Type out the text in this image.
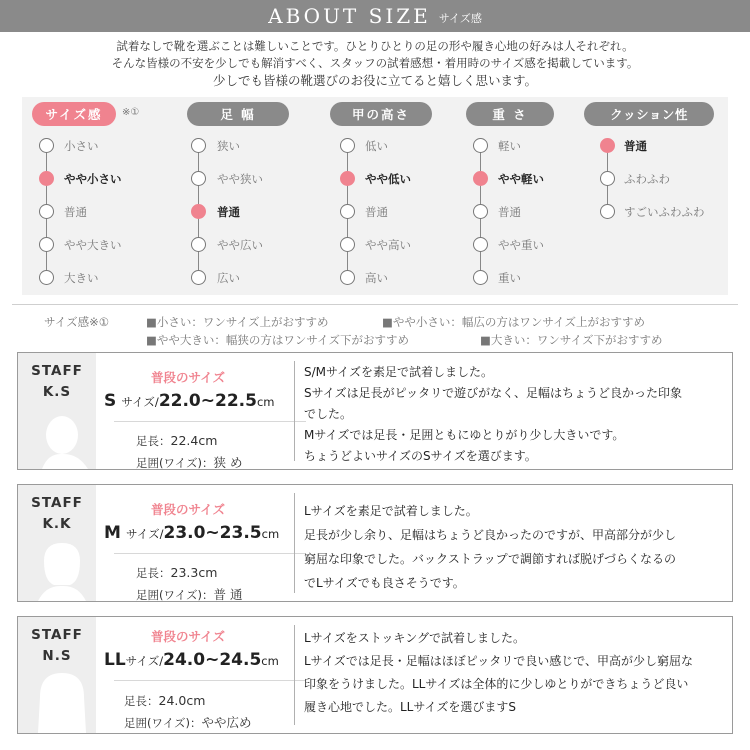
ABOUT SIZE サイズ感
試着なしで靴を選ぶことは難しいことです。ひとりひとりの足の形や履き心地の好みは人それぞれ。
そんな皆様の不安を少しでも解消すべく、スタッフの試着感想・着用時のサイズ感を掲載しています。
少しでも皆様の靴選びのお役に立てると嬉しく思います。
サイズ感	※①
小さい
やや小さい
普通
やや大きい
大きい
足 幅
狭い
やや狭い
普通
やや広い
広い
甲の高さ
低い
やや低い
普通
やや高い
高い
重 さ
軽い
やや軽い
普通
やや重い
重い
クッション性
普通
ふわふわ
すごいふわふわ
サイズ感※①	■小さい：ワンサイズ上がおすすめ	■やや小さい：幅広の方はワンサイズ上がおすすめ
■やや大きい：幅狭の方はワンサイズ下がおすすめ	■大きい：ワンサイズ下がおすすめ
STAFF
K.S
普段のサイズ
S サイズ/22.0~22.5cm
足長：22.4cm
足囲(ワイズ)：狭 め
S/Mサイズを素足で試着しました。
Sサイズは足長がピッタリで遊びがなく、足幅はちょうど良かった印象
でした。
Mサイズでは足長・足囲ともにゆとりがり少し大きいです。
ちょうどよいサイズのSサイズを選びます。
STAFF
K.K
普段のサイズ
M サイズ/23.0~23.5cm
足長：23.3cm
足囲(ワイズ)：普 通
Lサイズを素足で試着しました。
足長が少し余り、足幅はちょうど良かったのですが、甲高部分が少し
窮屈な印象でした。バックストラップで調節すれば脱げづらくなるの
でLサイズでも良さそうです。
STAFF
N.S
普段のサイズ
LLサイズ/24.0~24.5cm
足長：24.0cm
足囲(ワイズ)：やや広め
Lサイズをストッキングで試着しました。
Lサイズでは足長・足幅はほぼピッタリで良い感じで、甲高が少し窮屈な
印象をうけました。LLサイズは全体的に少しゆとりができちょうど良い
履き心地でした。LLサイズを選びますS
